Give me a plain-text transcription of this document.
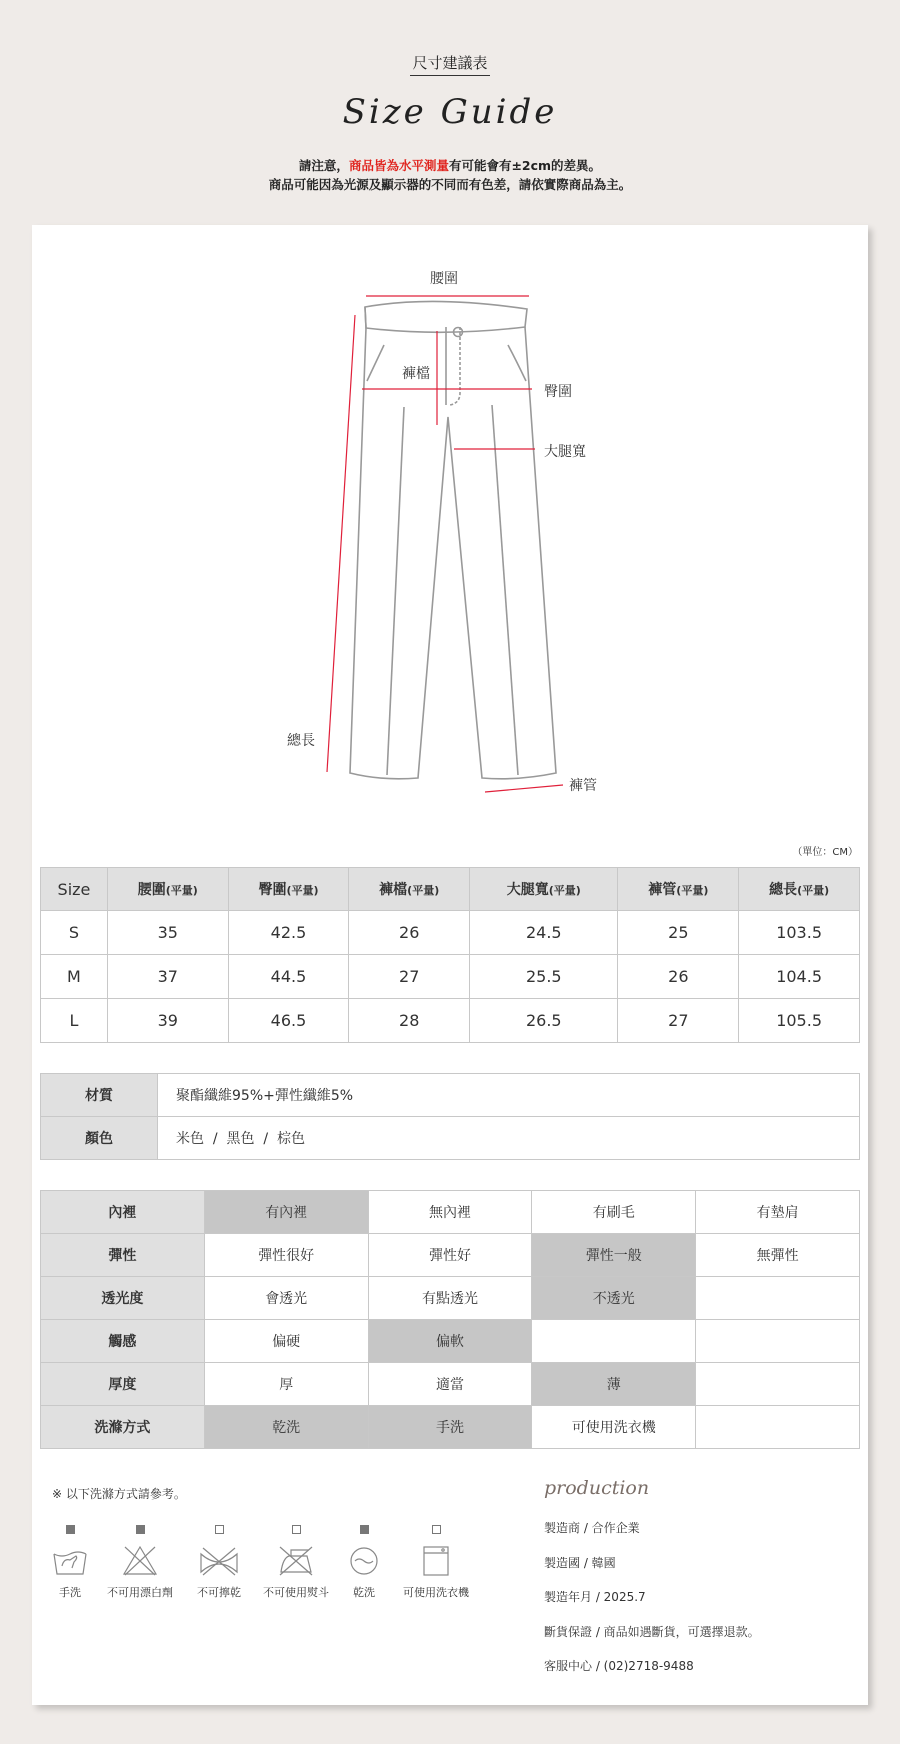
尺寸建議表
Size Guide
請注意，商品皆為水平測量有可能會有±2cm的差異。
商品可能因為光源及顯示器的不同而有色差，請依實際商品為主。
腰圍
褲檔
臀圍
大腿寬
總長
褲管
（單位：CM）
Size	腰圍(平量)	臀圍(平量)	褲檔(平量)	大腿寬(平量)	褲管(平量)	總長(平量)
S	35	42.5	26	24.5	25	103.5
M	37	44.5	27	25.5	26	104.5
L	39	46.5	28	26.5	27	105.5
材質	聚酯纖維95%+彈性纖維5%
顏色	米色  /  黑色  /  棕色
內裡	有內裡	無內裡	有刷毛	有墊肩
彈性	彈性很好	彈性好	彈性一般	無彈性
透光度	會透光	有點透光	不透光	
觸感	偏硬	偏軟		
厚度	厚	適當	薄	
洗滌方式	乾洗	手洗	可使用洗衣機	
※ 以下洗滌方式請參考。
手洗	不可用漂白劑	不可擰乾	不可使用熨斗	乾洗	可使用洗衣機
production
製造商 / 合作企業
製造國 / 韓國
製造年月 / 2025.7
斷貨保證 / 商品如遇斷貨，可選擇退款。
客服中心 / (02)2718-9488
